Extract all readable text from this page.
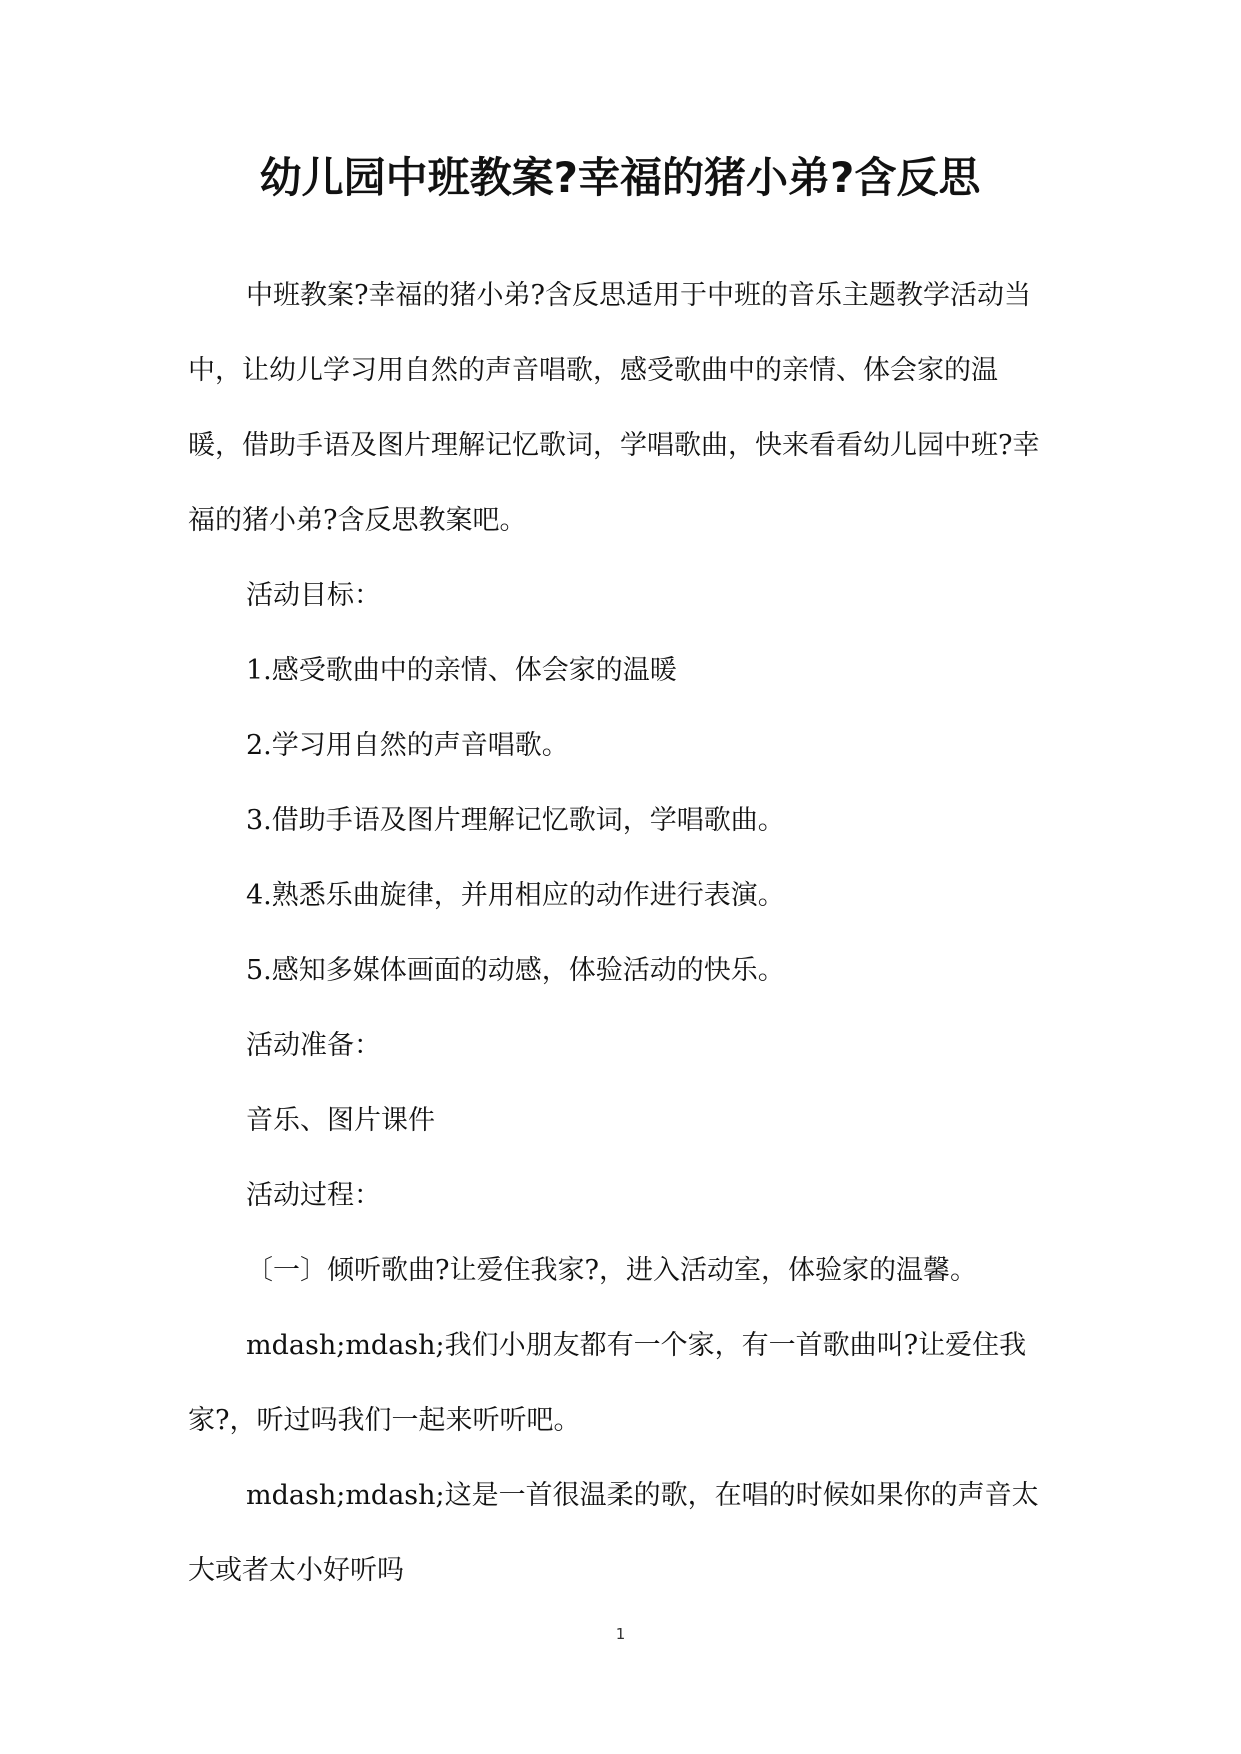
幼儿园中班教案?幸福的猪小弟?含反思

中班教案?幸福的猪小弟?含反思适用于中班的音乐主题教学活动当中，让幼儿学习用自然的声音唱歌，感受歌曲中的亲情、体会家的温暖，借助手语及图片理解记忆歌词，学唱歌曲，快来看看幼儿园中班?幸福的猪小弟?含反思教案吧。

活动目标：

1.感受歌曲中的亲情、体会家的温暖

2.学习用自然的声音唱歌。

3.借助手语及图片理解记忆歌词，学唱歌曲。

4.熟悉乐曲旋律，并用相应的动作进行表演。

5.感知多媒体画面的动感，体验活动的快乐。

活动准备：

音乐、图片课件

活动过程：

〔一〕倾听歌曲?让爱住我家?，进入活动室，体验家的温馨。

mdash;mdash;我们小朋友都有一个家，有一首歌曲叫?让爱住我家?，听过吗我们一起来听听吧。

mdash;mdash;这是一首很温柔的歌，在唱的时候如果你的声音太大或者太小好听吗

1
